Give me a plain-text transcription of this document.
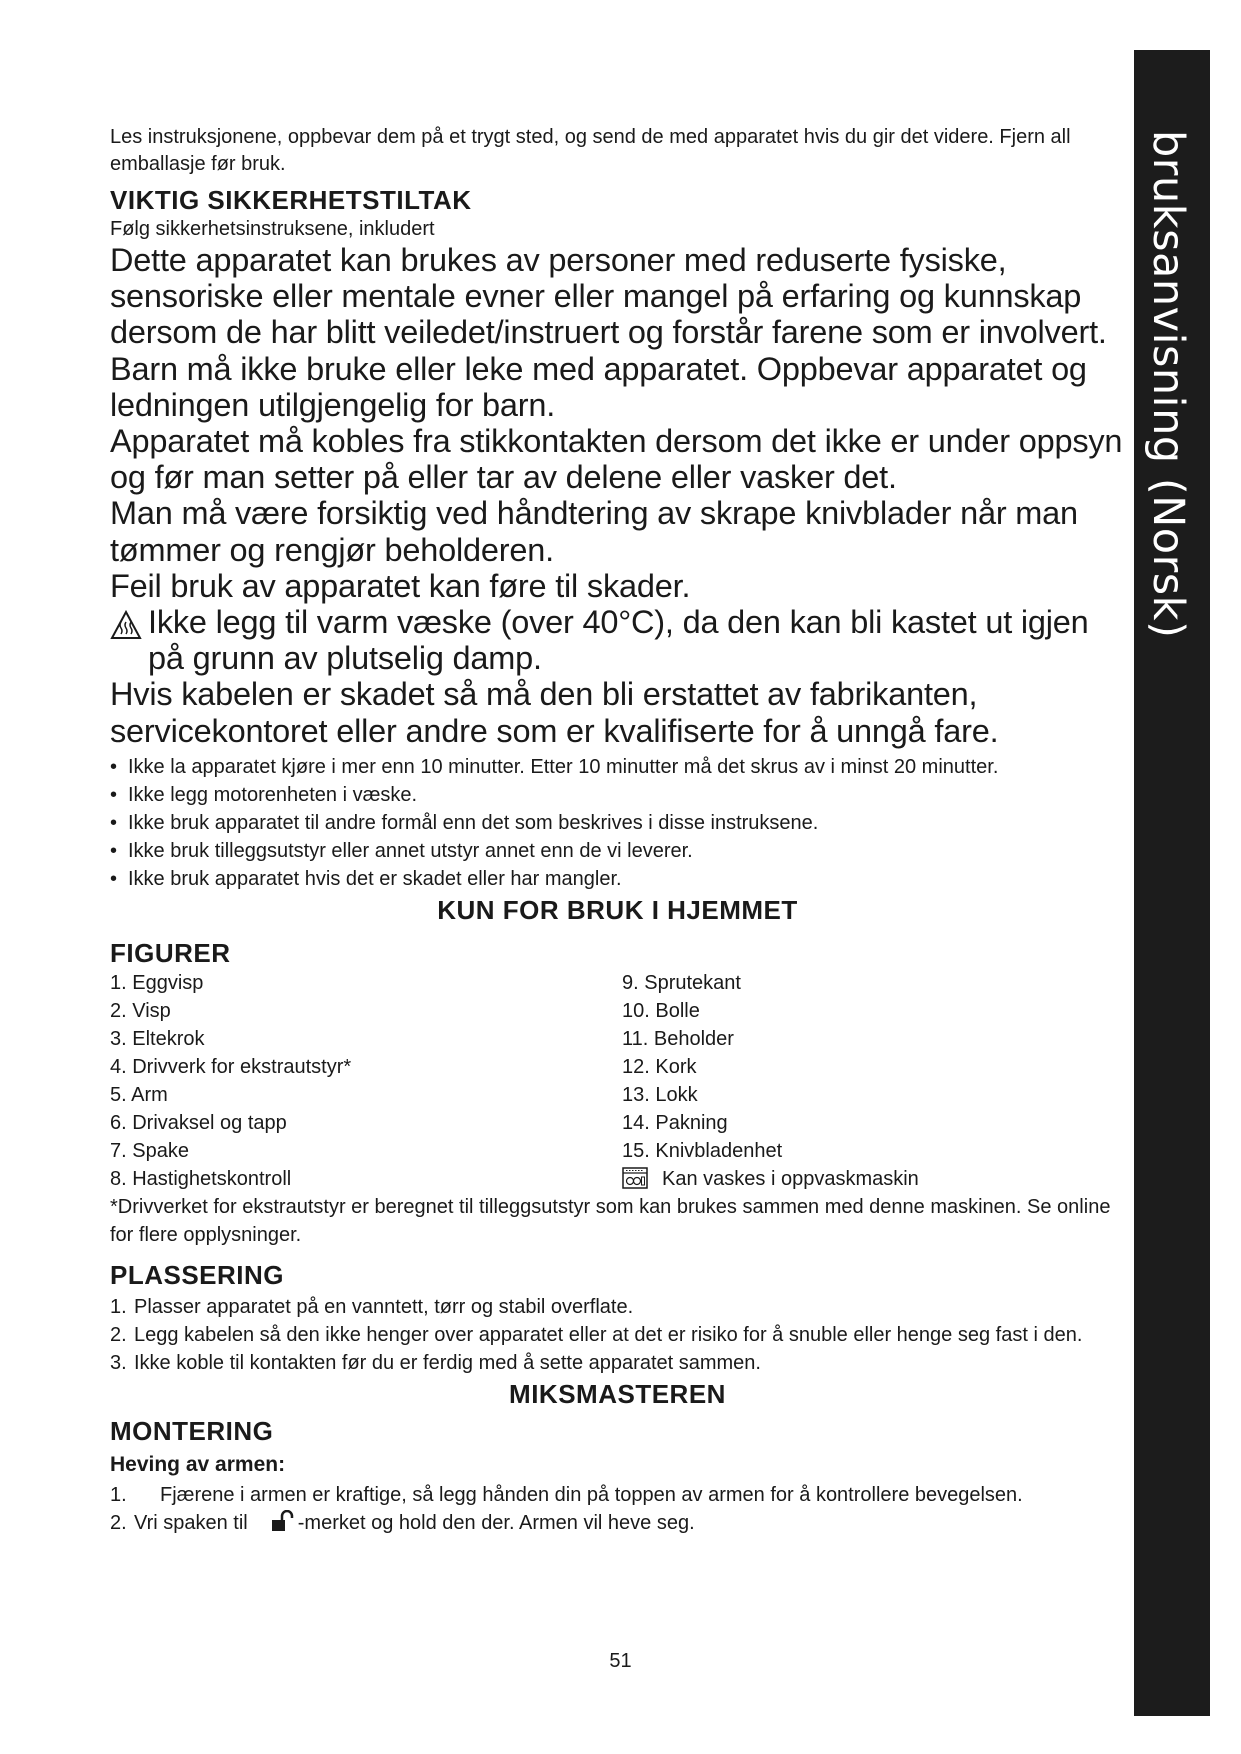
bruksanvisning (Norsk)

Les instruksjonene, oppbevar dem på et trygt sted, og send de med apparatet hvis du gir det videre. Fjern all emballasje før bruk.

VIKTIG SIKKERHETSTILTAK

Følg sikkerhetsinstruksene, inkludert

Dette apparatet kan brukes av personer med reduserte fysiske, sensoriske eller mentale evner eller mangel på erfaring og kunnskap dersom de har blitt veiledet/instruert og forstår farene som er involvert. Barn må ikke bruke eller leke med apparatet. Oppbevar apparatet og ledningen utilgjengelig for barn.

Apparatet må kobles fra stikkontakten dersom det ikke er under oppsyn og før man setter på eller tar av delene eller vasker det.

Man må være forsiktig ved håndtering av skrape knivblader når man tømmer og rengjør beholderen.

Feil bruk av apparatet kan føre til skader.

Ikke legg til varm væske (over 40°C), da den kan bli kastet ut igjen på grunn av plutselig damp.

Hvis kabelen er skadet så må den bli erstattet av fabrikanten, servicekontoret eller andre som er kvalifiserte for å unngå fare.

• Ikke la apparatet kjøre i mer enn 10 minutter. Etter 10 minutter må det skrus av i minst 20 minutter.
• Ikke legg motorenheten i væske.
• Ikke bruk apparatet til andre formål enn det som beskrives i disse instruksene.
• Ikke bruk tilleggsutstyr eller annet utstyr annet enn de vi leverer.
• Ikke bruk apparatet hvis det er skadet eller har mangler.
KUN FOR BRUK I HJEMMET
FIGURER
1. Eggvisp	9. Sprutekant
2. Visp	10. Bolle
3. Eltekrok	11. Beholder
4. Drivverk for ekstrautstyr*	12. Kork
5. Arm	13. Lokk
6. Drivaksel og tapp	14. Pakning
7. Spake	15. Knivbladenhet
8. Hastighetskontroll	Kan vaskes i oppvaskmaskin

*Drivverket for ekstrautstyr er beregnet til tilleggsutstyr som kan brukes sammen med denne maskinen. Se online for flere opplysninger.

PLASSERING
1. Plasser apparatet på en vanntett, tørr og stabil overflate.
2. Legg kabelen så den ikke henger over apparatet eller at det er risiko for å snuble eller henge seg fast i den.
3. Ikke koble til kontakten før du er ferdig med å sette apparatet sammen.
MIKSMASTEREN
MONTERING
Heving av armen:
1. Fjærene i armen er kraftige, så legg hånden din på toppen av armen for å kontrollere bevegelsen.
2. Vri spaken til	-merket og hold den der. Armen vil heve seg.
51
